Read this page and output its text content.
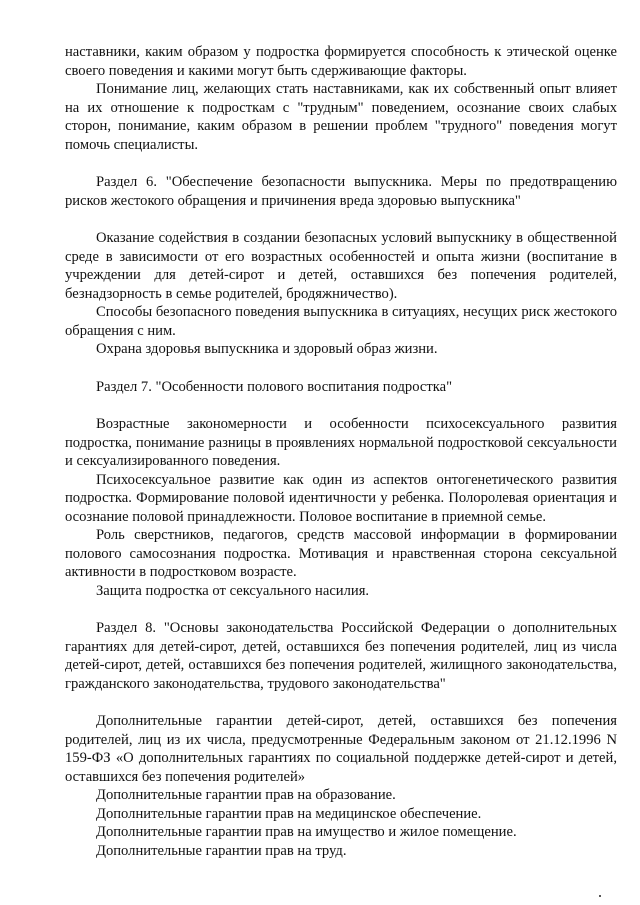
наставники, каким образом у подростка формируется способность к этической оценке своего поведения и какими могут быть сдерживающие факторы.

Понимание лиц, желающих стать наставниками, как их собственный опыт влияет на их отношение к подросткам с "трудным" поведением, осознание своих слабых сторон, понимание, каким образом в решении проблем "трудного" поведения могут помочь специалисты.

Раздел 6. "Обеспечение безопасности выпускника. Меры по предотвращению рисков жестокого обращения и причинения вреда здоровью выпускника"

Оказание содействия в создании безопасных условий выпускнику в общественной среде в зависимости от его возрастных особенностей и опыта жизни (воспитание в учреждении для детей-сирот и детей, оставшихся без попечения родителей, безнадзорность в семье родителей, бродяжничество).

Способы безопасного поведения выпускника в ситуациях, несущих риск жестокого обращения с ним.

Охрана здоровья выпускника и здоровый образ жизни.

Раздел 7. "Особенности полового воспитания подростка"

Возрастные закономерности и особенности психосексуального развития подростка, понимание разницы в проявлениях нормальной подростковой сексуальности и сексуализированного поведения.

Психосексуальное развитие как один из аспектов онтогенетического развития подростка. Формирование половой идентичности у ребенка. Полоролевая ориентация и осознание половой принадлежности. Половое воспитание в приемной семье.

Роль сверстников, педагогов, средств массовой информации в формировании полового самосознания подростка. Мотивация и нравственная сторона сексуальной активности в подростковом возрасте.

Защита подростка от сексуального насилия.

Раздел 8. "Основы законодательства Российской Федерации о дополнительных гарантиях для детей-сирот, детей, оставшихся без попечения родителей, лиц из числа детей-сирот, детей, оставшихся без попечения родителей, жилищного законодательства, гражданского законодательства, трудового законодательства"

Дополнительные гарантии детей-сирот, детей, оставшихся без попечения родителей, лиц из их числа, предусмотренные Федеральным законом от 21.12.1996 N 159-ФЗ «О дополнительных гарантиях по социальной поддержке детей-сирот и детей, оставшихся без попечения родителей»

Дополнительные гарантии прав на образование.

Дополнительные гарантии прав на медицинское обеспечение.

Дополнительные гарантии прав на имущество и жилое помещение.

Дополнительные гарантии прав на труд.
